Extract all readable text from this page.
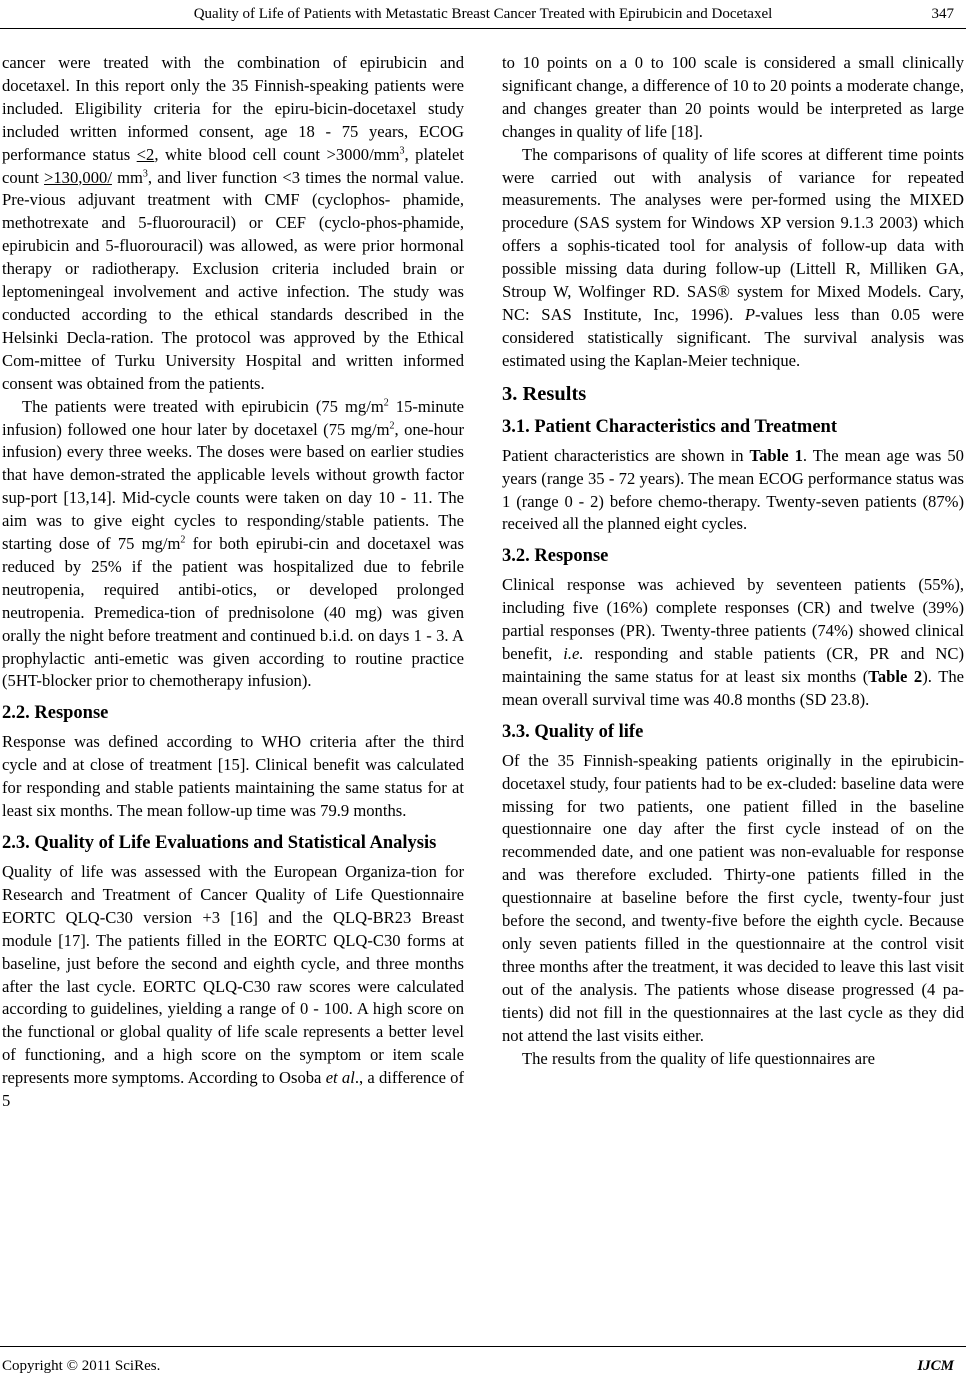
Quality of Life of Patients with Metastatic Breast Cancer Treated with Epirubicin and Docetaxel	347

cancer were treated with the combination of epirubicin and docetaxel. In this report only the 35 Finnish-speaking patients were included. Eligibility criteria for the epiru-bicin-docetaxel study included written informed consent, age 18 - 75 years, ECOG performance status <2, white blood cell count $>3000/mm^3$, platelet count >130,000/ $mm^3$, and liver function <3 times the normal value. Pre-vious adjuvant treatment with CMF (cyclophos- phamide, methotrexate and 5-fluorouracil) or CEF (cyclo-phos-phamide, epirubicin and 5-fluorouracil) was allowed, as were prior hormonal therapy or radiotherapy. Exclusion criteria included brain or leptomeningeal involvement and active infection. The study was conducted according to the ethical standards described in the Helsinki Decla-ration. The protocol was approved by the Ethical Com-mittee of Turku University Hospital and written informed consent was obtained from the patients.

The patients were treated with epirubicin (75 $mg/m^2$ 15-minute infusion) followed one hour later by docetaxel (75 $mg/m^2$, one-hour infusion) every three weeks. The doses were based on earlier studies that have demon-strated the applicable levels without growth factor sup-port [13,14]. Mid-cycle counts were taken on day 10 - 11. The aim was to give eight cycles to responding/stable patients. The starting dose of 75 $mg/m^2$ for both epirubi-cin and docetaxel was reduced by 25% if the patient was hospitalized due to febrile neutropenia, required antibi-otics, or developed prolonged neutropenia. Premedica-tion of prednisolone (40 mg) was given orally the night before treatment and continued b.i.d. on days 1 - 3. A prophylactic anti-emetic was given according to routine practice (5HT-blocker prior to chemotherapy infusion).

2.2. Response

Response was defined according to WHO criteria after the third cycle and at close of treatment [15]. Clinical benefit was calculated for responding and stable patients maintaining the same status for at least six months. The mean follow-up time was 79.9 months.

2.3. Quality of Life Evaluations and Statistical Analysis

Quality of life was assessed with the European Organiza-tion for Research and Treatment of Cancer Quality of Life Questionnaire EORTC QLQ-C30 version +3 [16] and the QLQ-BR23 Breast module [17]. The patients filled in the EORTC QLQ-C30 forms at baseline, just before the second and eighth cycle, and three months after the last cycle. EORTC QLQ-C30 raw scores were calculated according to guidelines, yielding a range of 0 - 100. A high score on the functional or global quality of life scale represents a better level of functioning, and a high score on the symptom or item scale represents more symptoms. According to Osoba et al., a difference of 5

to 10 points on a 0 to 100 scale is considered a small clinically significant change, a difference of 10 to 20 points a moderate change, and changes greater than 20 points would be interpreted as large changes in quality of life [18].

The comparisons of quality of life scores at different time points were carried out with analysis of variance for repeated measurements. The analyses were per-formed using the MIXED procedure (SAS system for Windows XP version 9.1.3 2003) which offers a sophis-ticated tool for analysis of follow-up data with possible missing data during follow-up (Littell R, Milliken GA, Stroup W, Wolfinger RD. SAS® system for Mixed Models. Cary, NC: SAS Institute, Inc, 1996). P-values less than 0.05 were considered statistically significant. The survival analysis was estimated using the Kaplan-Meier technique.

3. Results
3.1. Patient Characteristics and Treatment

Patient characteristics are shown in Table 1. The mean age was 50 years (range 35 - 72 years). The mean ECOG performance status was 1 (range 0 - 2) before chemo-therapy. Twenty-seven patients (87%) received all the planned eight cycles.

3.2. Response

Clinical response was achieved by seventeen patients (55%), including five (16%) complete responses (CR) and twelve (39%) partial responses (PR). Twenty-three patients (74%) showed clinical benefit, i.e. responding and stable patients (CR, PR and NC) maintaining the same status for at least six months (Table 2). The mean overall survival time was 40.8 months (SD 23.8).

3.3. Quality of life

Of the 35 Finnish-speaking patients originally in the epirubicin-docetaxel study, four patients had to be ex-cluded: baseline data were missing for two patients, one patient filled in the baseline questionnaire one day after the first cycle instead of on the recommended date, and one patient was non-evaluable for response and was therefore excluded. Thirty-one patients filled in the questionnaire at baseline before the first cycle, twenty-four just before the second, and twenty-five before the eighth cycle. Because only seven patients filled in the questionnaire at the control visit three months after the treatment, it was decided to leave this last visit out of the analysis. The patients whose disease progressed (4 pa-tients) did not fill in the questionnaires at the last cycle as they did not attend the last visits either.

The results from the quality of life questionnaires are

Copyright © 2011 SciRes.	IJCM
